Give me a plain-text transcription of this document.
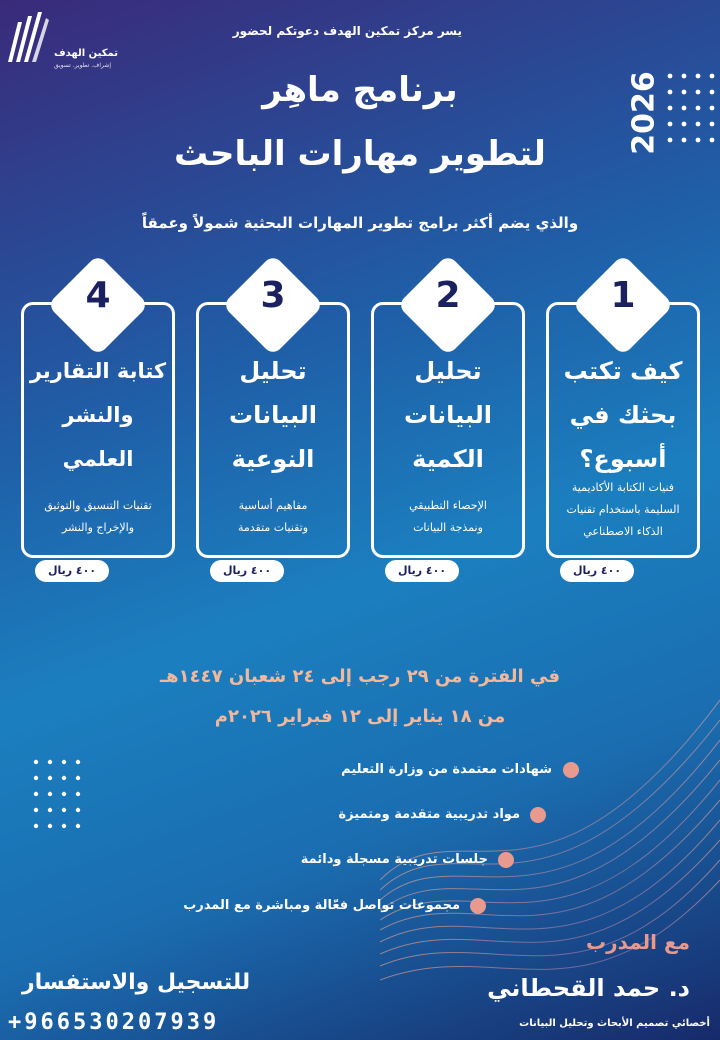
تمكين الهدف
إشراف. تطوير. تسويق
يسر مركز تمكين الهدف دعوتكم لحضور
2026
برنامج ماهِر
لتطوير مهارات الباحث
والذي يضم أكثر برامج تطوير المهارات البحثية شمولاً وعمقاً
1
كيف تكتب
بحثك في
أسبوع؟
فنيات الكتابة الأكاديمية
السليمة باستخدام تقنيات
الذكاء الاصطناعي
٤٠٠ ريال
2
تحليل
البيانات
الكمية
الإحصاء التطبيقي
ونمذجة البيانات
٤٠٠ ريال
3
تحليل
البيانات
النوعية
مفاهيم أساسية
وتقنيات متقدمة
٤٠٠ ريال
4
كتابة التقارير
والنشر
العلمي
تقنيات التنسيق والتوثيق
والإخراج والنشر
٤٠٠ ريال
في الفترة من ٢٩ رجب إلى ٢٤ شعبان ١٤٤٧هـ
من ١٨ يناير إلى ١٢ فبراير ٢٠٢٦م
شهادات معتمدة من وزارة التعليم
مواد تدريبية متقدمة ومتميزة
جلسات تدريبية مسجلة ودائمة
مجموعات تواصل فعّالة ومباشرة مع المدرب
مع المدرب
د. حمد القحطاني
أخصائي تصميم الأبحاث وتحليل البيانات
للتسجيل والاستفسار
+966530207939
